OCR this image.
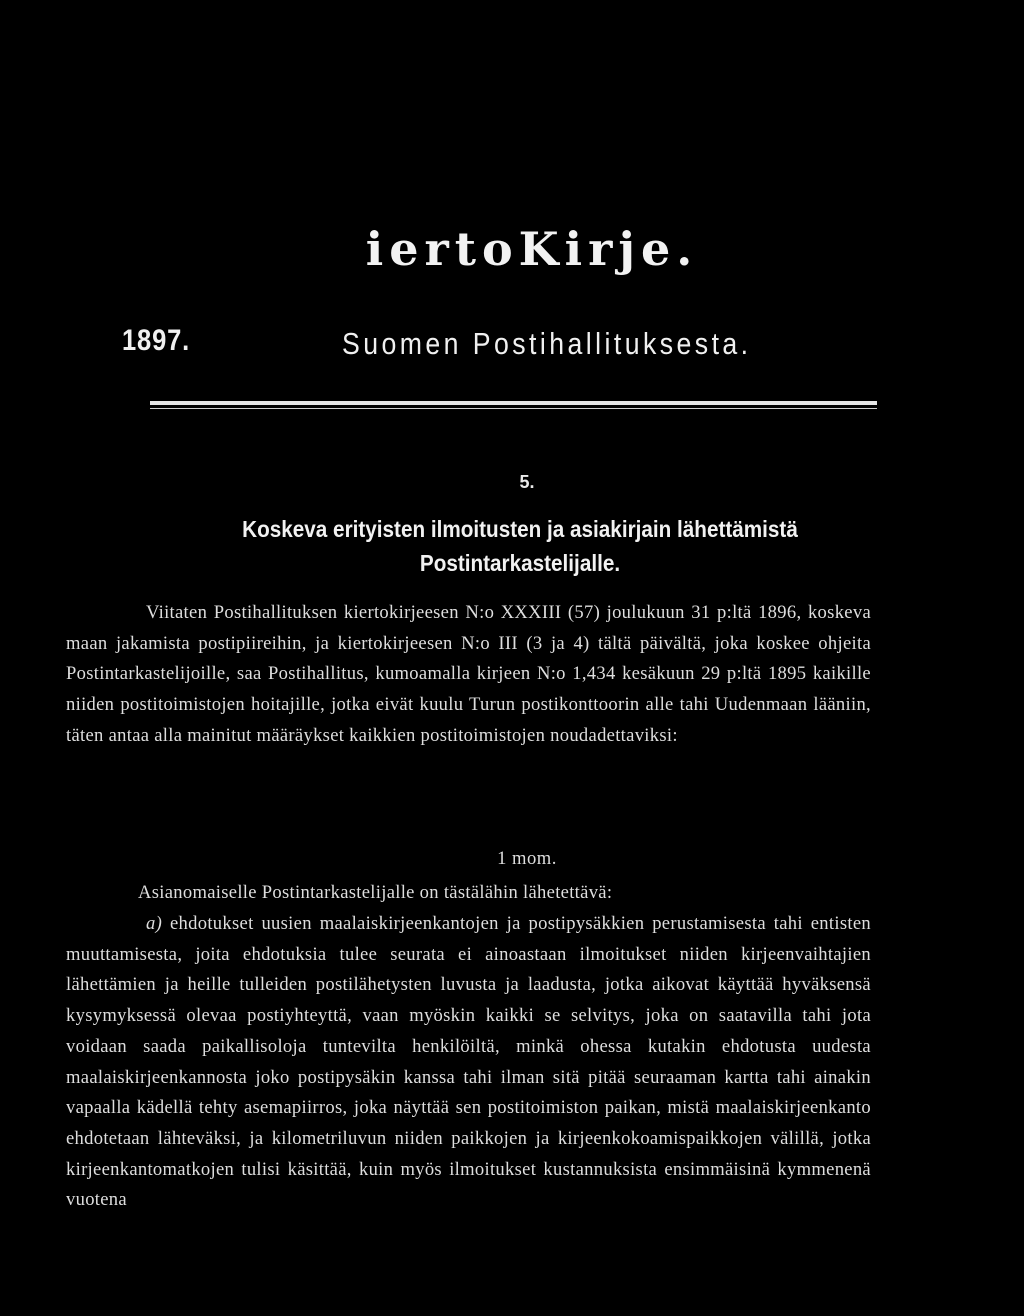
iertoKirje.
1897.	Suomen Postihallituksesta.
5.
Koskeva erityisten ilmoitusten ja asiakirjain lähettämistä
Postintarkastelijalle.

Viitaten Postihallituksen kiertokirjeesen N:o XXXIII (57) joulukuun 31 p:ltä 1896, koskeva maan jakamista postipiireihin, ja kiertokirjeesen N:o III (3 ja 4) tältä päivältä, joka koskee ohjeita Postintarkastelijoille, saa Postihallitus, kumoamalla kirjeen N:o 1,434 kesäkuun 29 p:ltä 1895 kaikille niiden postitoimistojen hoitajille, jotka eivät kuulu Turun postikonttoorin alle tahi Uudenmaan lääniin, täten antaa alla mainitut määräykset kaikkien postitoimistojen noudadettaviksi:

1 mom.

Asianomaiselle Postintarkastelijalle on tästälähin lähetettävä:

a) ehdotukset uusien maalaiskirjeenkantojen ja postipysäkkien perustamisesta tahi entisten muuttamisesta, joita ehdotuksia tulee seurata ei ainoastaan ilmoitukset niiden kirjeenvaihtajien lähettämien ja heille tulleiden postilähetysten luvusta ja laadusta, jotka aikovat käyttää hyväksensä kysymyksessä olevaa postiyhteyttä, vaan myöskin kaikki se selvitys, joka on saatavilla tahi jota voidaan saada paikallisoloja tuntevilta henkilöiltä, minkä ohessa kutakin ehdotusta uudesta maalaiskirjeenkannosta joko postipysäkin kanssa tahi ilman sitä pitää seuraaman kartta tahi ainakin vapaalla kädellä tehty asemapiirros, joka näyttää sen postitoimiston paikan, mistä maalaiskirjeenkanto ehdotetaan lähteväksi, ja kilometriluvun niiden paikkojen ja kirjeenkokoamispaikkojen välillä, jotka kirjeenkantomatkojen tulisi käsittää, kuin myös ilmoitukset kustannuksista ensimmäisinä kymmenenä vuotena
